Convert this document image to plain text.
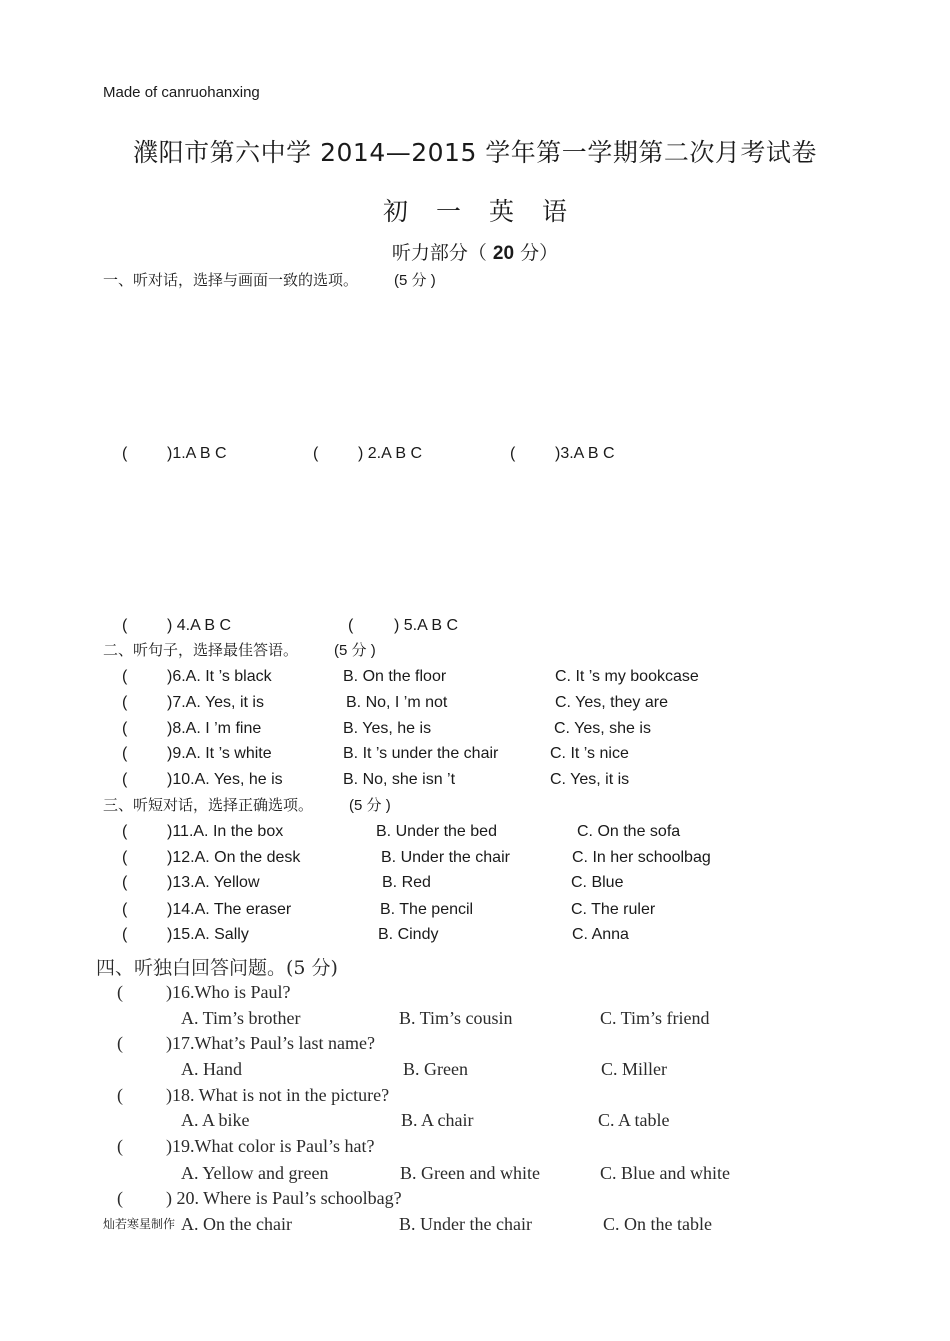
Made of canruohanxing
濮阳市第六中学 2014—2015 学年第一学期第二次月考试卷
初 一 英 语
听力部分（ 20 分）
一、听对话，选择与画面一致的选项。 (5 分 )
( )1.A B C	( ) 2.A B C	( )3.A B C
( ) 4.A B C	(	) 5.A B C
二、听句子，选择最佳答语。 (5 分 )
( )6.A. It ’s black	B. On the floor	C. It ’s my bookcase
( )7.A. Yes, it is	B. No, I ’m not	C. Yes, they are
( )8.A. I ’m fine	B. Yes, he is	C. Yes, she is
( )9.A. It ’s white	B. It ’s under the chair	C. It ’s nice
( )10.A. Yes, he is	B. No, she isn ’t	C. Yes, it is
三、听短对话，选择正确选项。 (5 分 )
( )11.A. In the box	B. Under the bed	C. On the sofa
( )12.A. On the desk	B. Under the chair	C. In her schoolbag
( )13.A. Yellow	B. Red	C. Blue
( )14.A. The eraser	B. The pencil	C. The ruler
( )15.A. Sally	B. Cindy	C. Anna
四、听独白回答问题。(5 分)
( )16.Who is Paul?
A. Tim’s brother	B. Tim’s cousin	C. Tim’s friend
( )17.What’s Paul’s last name?
A. Hand	B. Green	C. Miller
( )18. What is not in the picture?
A. A bike	B. A chair	C. A table
( )19.What color is Paul’s hat?
A. Yellow and green	B. Green and white	C. Blue and white
( ) 20. Where is Paul’s schoolbag?
A. On the chair	B. Under the chair	C. On the table
灿若寒星制作
